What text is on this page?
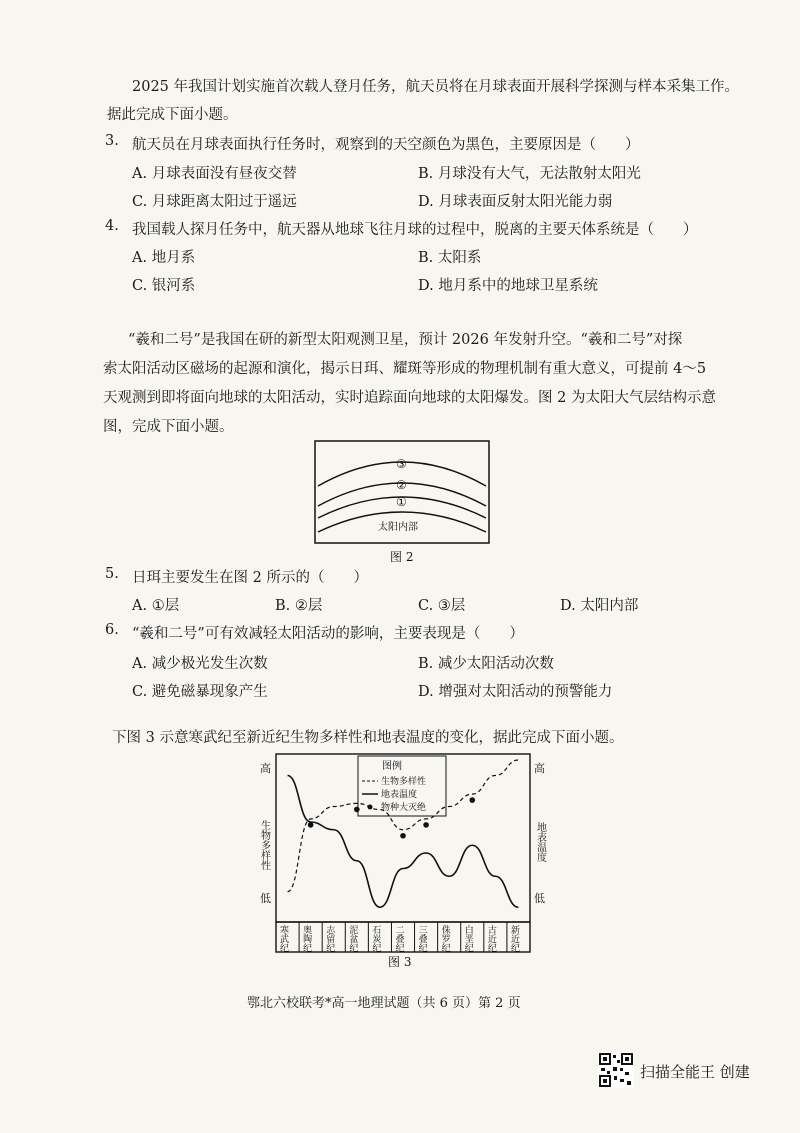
2025 年我国计划实施首次载人登月任务，航天员将在月球表面开展科学探测与样本采集工作。
据此完成下面小题。
3. 航天员在月球表面执行任务时，观察到的天空颜色为黑色，主要原因是（　　）
A. 月球表面没有昼夜交替	B. 月球没有大气，无法散射太阳光
C. 月球距离太阳过于遥远	D. 月球表面反射太阳光能力弱
4. 我国载人探月任务中，航天器从地球飞往月球的过程中，脱离的主要天体系统是（　　）
A. 地月系	B. 太阳系
C. 银河系	D. 地月系中的地球卫星系统
“羲和二号”是我国在研的新型太阳观测卫星，预计 2026 年发射升空。“羲和二号”对探
索太阳活动区磁场的起源和演化，揭示日珥、耀斑等形成的物理机制有重大意义，可提前 4～5
天观测到即将面向地球的太阳活动，实时追踪面向地球的太阳爆发。图 2 为太阳大气层结构示意
图，完成下面小题。
③
②
①
太阳内部
图 2
5. 日珥主要发生在图 2 所示的（　　）
A. ①层	B. ②层	C. ③层	D. 太阳内部
6. “羲和二号”可有效减轻太阳活动的影响，主要表现是（　　）
A. 减少极光发生次数	B. 减少太阳活动次数
C. 避免磁暴现象产生	D. 增强对太阳活动的预警能力
下图 3 示意寒武纪至新近纪生物多样性和地表温度的变化，据此完成下面小题。
高
低
生物多样性
高
低
地表温度
图例
生物多样性
地表温度
物种大灭绝
寒武纪 奥陶纪 志留纪 泥盆纪 石炭纪 二叠纪 三叠纪 侏罗纪 白垩纪 古近纪 新近纪
图 3
鄂北六校联考*高一地理试题（共 6 页）第 2 页
扫描全能王 创建
